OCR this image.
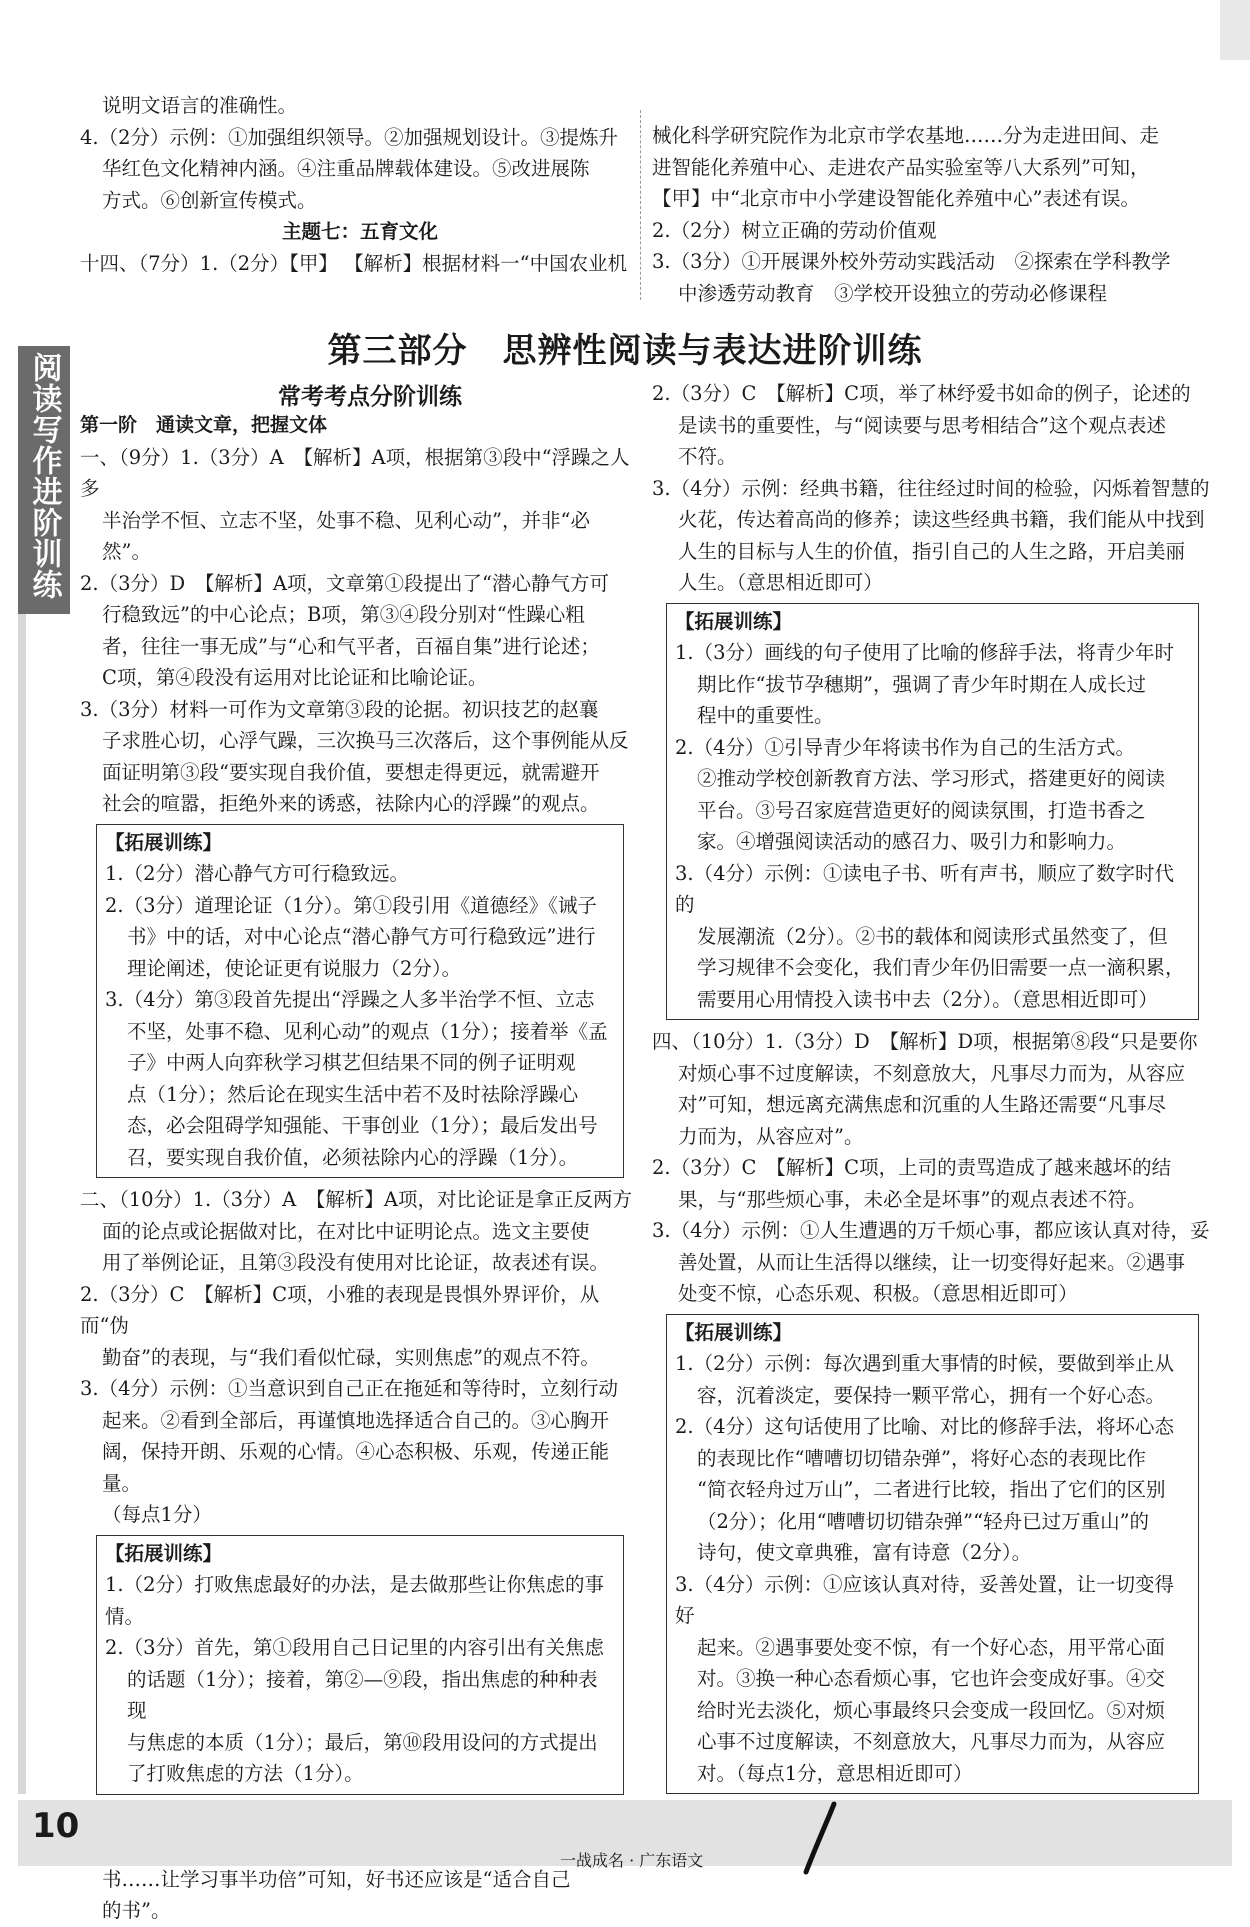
说明文语言的准确性。

4.（2分）示例：①加强组织领导。②加强规划设计。③提炼升

华红色文化精神内涵。④注重品牌载体建设。⑤改进展陈

方式。⑥创新宣传模式。

主题七：五育文化

十四、（7分）1.（2分）【甲】 【解析】根据材料一“中国农业机

械化科学研究院作为北京市学农基地……分为走进田间、走

进智能化养殖中心、走进农产品实验室等八大系列”可知，

【甲】中“北京市中小学建设智能化养殖中心”表述有误。

2.（2分）树立正确的劳动价值观

3.（3分）①开展课外校外劳动实践活动　②探索在学科教学

中渗透劳动教育　③学校开设独立的劳动必修课程

第三部分　思辨性阅读与表达进阶训练
阅读写作进阶训练	常考考点分阶训练

第一阶　通读文章，把握文体

一、（9分）1.（3分）A　【解析】A项，根据第③段中“浮躁之人多

半治学不恒、立志不坚，处事不稳、见利心动”，并非“必然”。

2.（3分）D　【解析】A项，文章第①段提出了“潜心静气方可

行稳致远”的中心论点；B项，第③④段分别对“性躁心粗

者，往往一事无成”与“心和气平者，百福自集”进行论述；

C项，第④段没有运用对比论证和比喻论证。

3.（3分）材料一可作为文章第③段的论据。初识技艺的赵襄

子求胜心切，心浮气躁，三次换马三次落后，这个事例能从反

面证明第③段“要实现自我价值，要想走得更远，就需避开

社会的喧嚣，拒绝外来的诱惑，祛除内心的浮躁”的观点。

【拓展训练】

1.（2分）潜心静气方可行稳致远。

2.（3分）道理论证（1分）。第①段引用《道德经》《诫子

书》中的话，对中心论点“潜心静气方可行稳致远”进行

理论阐述，使论证更有说服力（2分）。

3.（4分）第③段首先提出“浮躁之人多半治学不恒、立志

不坚，处事不稳、见利心动”的观点（1分）；接着举《孟

子》中两人向弈秋学习棋艺但结果不同的例子证明观

点（1分）；然后论在现实生活中若不及时祛除浮躁心

态，必会阻碍学知强能、干事创业（1分）；最后发出号

召，要实现自我价值，必须祛除内心的浮躁（1分）。

二、（10分）1.（3分）A　【解析】A项，对比论证是拿正反两方

面的论点或论据做对比，在对比中证明论点。选文主要使

用了举例论证，且第③段没有使用对比论证，故表述有误。

2.（3分）C　【解析】C项，小雅的表现是畏惧外界评价，从而“伪

勤奋”的表现，与“我们看似忙碌，实则焦虑”的观点不符。

3.（4分）示例：①当意识到自己正在拖延和等待时，立刻行动

起来。②看到全部后，再谨慎地选择适合自己的。③心胸开

阔，保持开朗、乐观的心情。④心态积极、乐观，传递正能量。

（每点1分）

【拓展训练】

1.（2分）打败焦虑最好的办法，是去做那些让你焦虑的事情。

2.（3分）首先，第①段用自己日记里的内容引出有关焦虑

的话题（1分）；接着，第②—⑨段，指出焦虑的种种表现

与焦虑的本质（1分）；最后，第⑩段用设问的方式提出

了打败焦虑的方法（1分）。

书……让学习事半功倍”可知，好书还应该是“适合自己

的书”。

2.（3分）C　【解析】C项，举了林纾爱书如命的例子，论述的

是读书的重要性，与“阅读要与思考相结合”这个观点表述

不符。

3.（4分）示例：经典书籍，往往经过时间的检验，闪烁着智慧的

火花，传达着高尚的修养；读这些经典书籍，我们能从中找到

人生的目标与人生的价值，指引自己的人生之路，开启美丽

人生。（意思相近即可）

【拓展训练】

1.（3分）画线的句子使用了比喻的修辞手法，将青少年时

期比作“拔节孕穗期”，强调了青少年时期在人成长过

程中的重要性。

2.（4分）①引导青少年将读书作为自己的生活方式。

②推动学校创新教育方法、学习形式，搭建更好的阅读

平台。③号召家庭营造更好的阅读氛围，打造书香之

家。④增强阅读活动的感召力、吸引力和影响力。

3.（4分）示例：①读电子书、听有声书，顺应了数字时代的

发展潮流（2分）。②书的载体和阅读形式虽然变了，但

学习规律不会变化，我们青少年仍旧需要一点一滴积累，

需要用心用情投入读书中去（2分）。（意思相近即可）

四、（10分）1.（3分）D　【解析】D项，根据第⑧段“只是要你

对烦心事不过度解读，不刻意放大，凡事尽力而为，从容应

对”可知，想远离充满焦虑和沉重的人生路还需要“凡事尽

力而为，从容应对”。

2.（3分）C　【解析】C项，上司的责骂造成了越来越坏的结

果，与“那些烦心事，未必全是坏事”的观点表述不符。

3.（4分）示例：①人生遭遇的万千烦心事，都应该认真对待，妥

善处置，从而让生活得以继续，让一切变得好起来。②遇事

处变不惊，心态乐观、积极。（意思相近即可）

【拓展训练】

1.（2分）示例：每次遇到重大事情的时候，要做到举止从

容，沉着淡定，要保持一颗平常心，拥有一个好心态。

2.（4分）这句话使用了比喻、对比的修辞手法，将坏心态

的表现比作“嘈嘈切切错杂弹”，将好心态的表现比作

“简衣轻舟过万山”，二者进行比较，指出了它们的区别

（2分）；化用“嘈嘈切切错杂弹”“轻舟已过万重山”的

诗句，使文章典雅，富有诗意（2分）。

3.（4分）示例：①应该认真对待，妥善处置，让一切变得好

起来。②遇事要处变不惊，有一个好心态，用平常心面

对。③换一种心态看烦心事，它也许会变成好事。④交

给时光去淡化，烦心事最终只会变成一段回忆。⑤对烦

心事不过度解读，不刻意放大，凡事尽力而为，从容应

对。（每点1分，意思相近即可）

10
一战成名 · 广东语文
